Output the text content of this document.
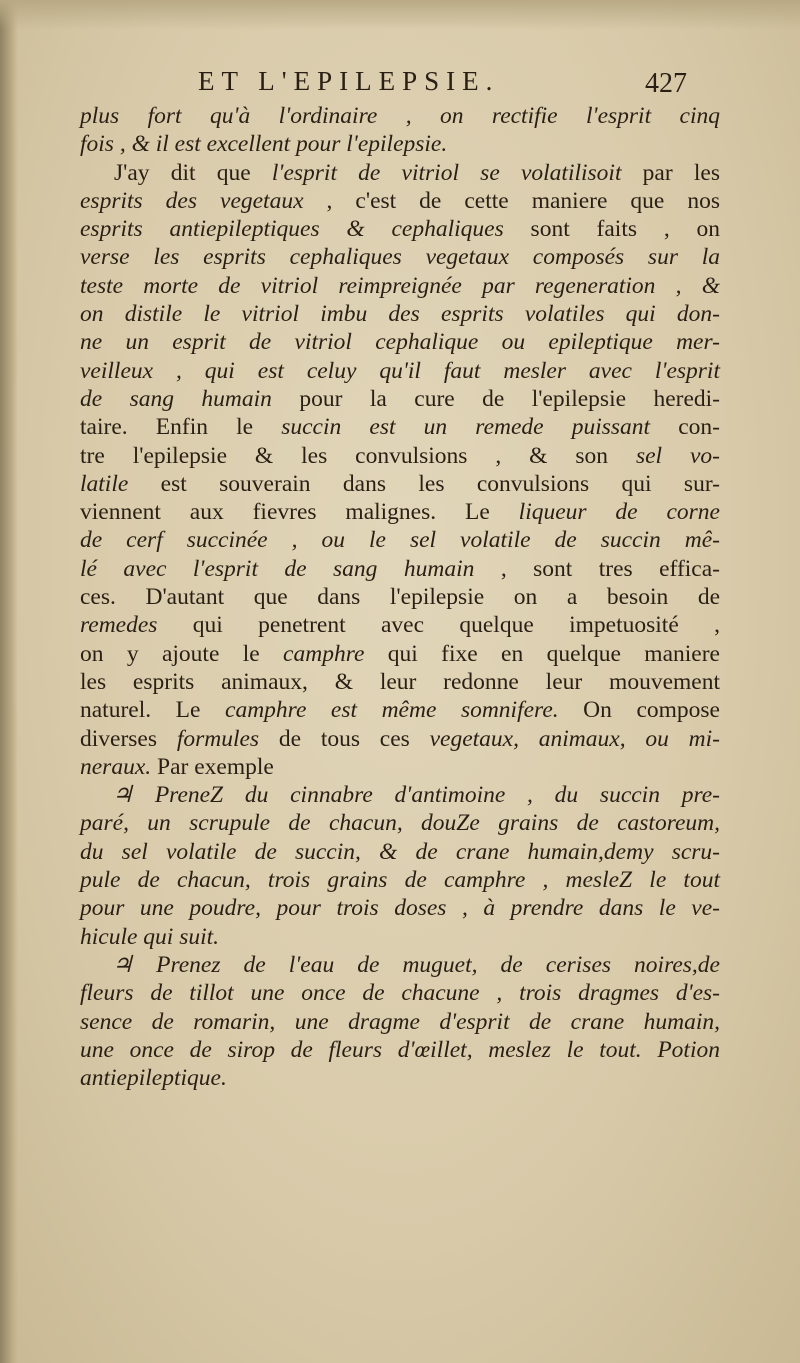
ET L'EPILEPSIE.	427
plus fort qu'à l'ordinaire , on rectifie l'esprit cinq
fois , & il est excellent pour l'epilepsie.
J'ay dit que l'esprit de vitriol se volatilisoit par les
esprits des vegetaux , c'est de cette maniere que nos
esprits antiepileptiques & cephaliques sont faits , on
verse les esprits cephaliques vegetaux composés sur la
teste morte de vitriol reimpreignée par regeneration , &
on distile le vitriol imbu des esprits volatiles qui don-
ne un esprit de vitriol cephalique ou epileptique mer-
veilleux , qui est celuy qu'il faut mesler avec l'esprit
de sang humain pour la cure de l'epilepsie heredi-
taire. Enfin le succin est un remede puissant con-
tre l'epilepsie & les convulsions , & son sel vo-
latile est souverain dans les convulsions qui sur-
viennent aux fievres malignes. Le liqueur de corne
de cerf succinée , ou le sel volatile de succin mê-
lé avec l'esprit de sang humain , sont tres effica-
ces. D'autant que dans l'epilepsie on a besoin de
remedes qui penetrent avec quelque impetuosité ,
on y ajoute le camphre qui fixe en quelque maniere
les esprits animaux, & leur redonne leur mouvement
naturel. Le camphre est même somnifere. On compose
diverses formules de tous ces vegetaux, animaux, ou mi-
neraux. Par exemple
♃ PreneZ du cinnabre d'antimoine , du succin pre-
paré, un scrupule de chacun, douZe grains de castoreum,
du sel volatile de succin, & de crane humain,demy scru-
pule de chacun, trois grains de camphre , mesleZ le tout
pour une poudre, pour trois doses , à prendre dans le ve-
hicule qui suit.
♃ Prenez de l'eau de muguet, de cerises noires,de
fleurs de tillot une once de chacune , trois dragmes d'es-
sence de romarin, une dragme d'esprit de crane humain,
une once de sirop de fleurs d'œillet, meslez le tout. Potion
antiepileptique.
